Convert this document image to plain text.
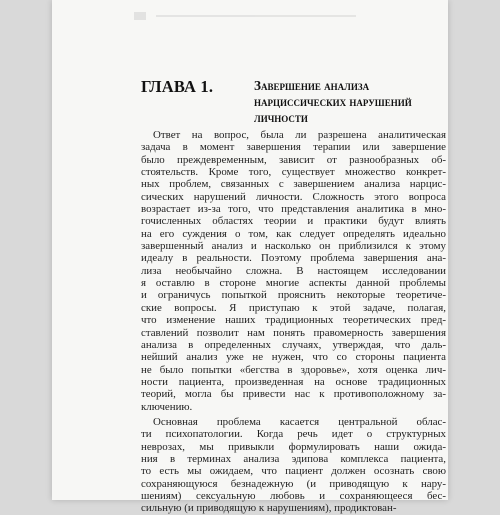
ГЛАВА 1.	Завершение анализа
нарциссических нарушений
личности
Ответ на вопрос, была ли разрешена аналитическая
задача в момент завершения терапии или завершение
было преждевременным, зависит от разнообразных об-
стоятельств. Кроме того, существует множество конкрет-
ных проблем, связанных с завершением анализа нарцис-
сических нарушений личности. Сложность этого вопроса
возрастает из-за того, что представления аналитика в мно-
гочисленных областях теории и практики будут влиять
на его суждения о том, как следует определять идеально
завершенный анализ и насколько он приблизился к этому
идеалу в реальности. Поэтому проблема завершения ана-
лиза необычайно сложна. В настоящем исследовании
я оставлю в стороне многие аспекты данной проблемы
и ограничусь попыткой прояснить некоторые теоретиче-
ские вопросы. Я приступаю к этой задаче, полагая,
что изменение наших традиционных теоретических пред-
ставлений позволит нам понять правомерность завершения
анализа в определенных случаях, утверждая, что даль-
нейший анализ уже не нужен, что со стороны пациента
не было попытки «бегства в здоровье», хотя оценка лич-
ности пациента, произведенная на основе традиционных
теорий, могла бы привести нас к противоположному за-
ключению.
Основная проблема касается центральной облас-
ти психопатологии. Когда речь идет о структурных
неврозах, мы привыкли формулировать наши ожида-
ния в терминах анализа эдипова комплекса пациента,
то есть мы ожидаем, что пациент должен осознать свою
сохраняющуюся безнадежную (и приводящую к нару-
шениям) сексуальную любовь и сохраняющееся бес-
сильную (и приводящую к нарушениям), продиктован-
